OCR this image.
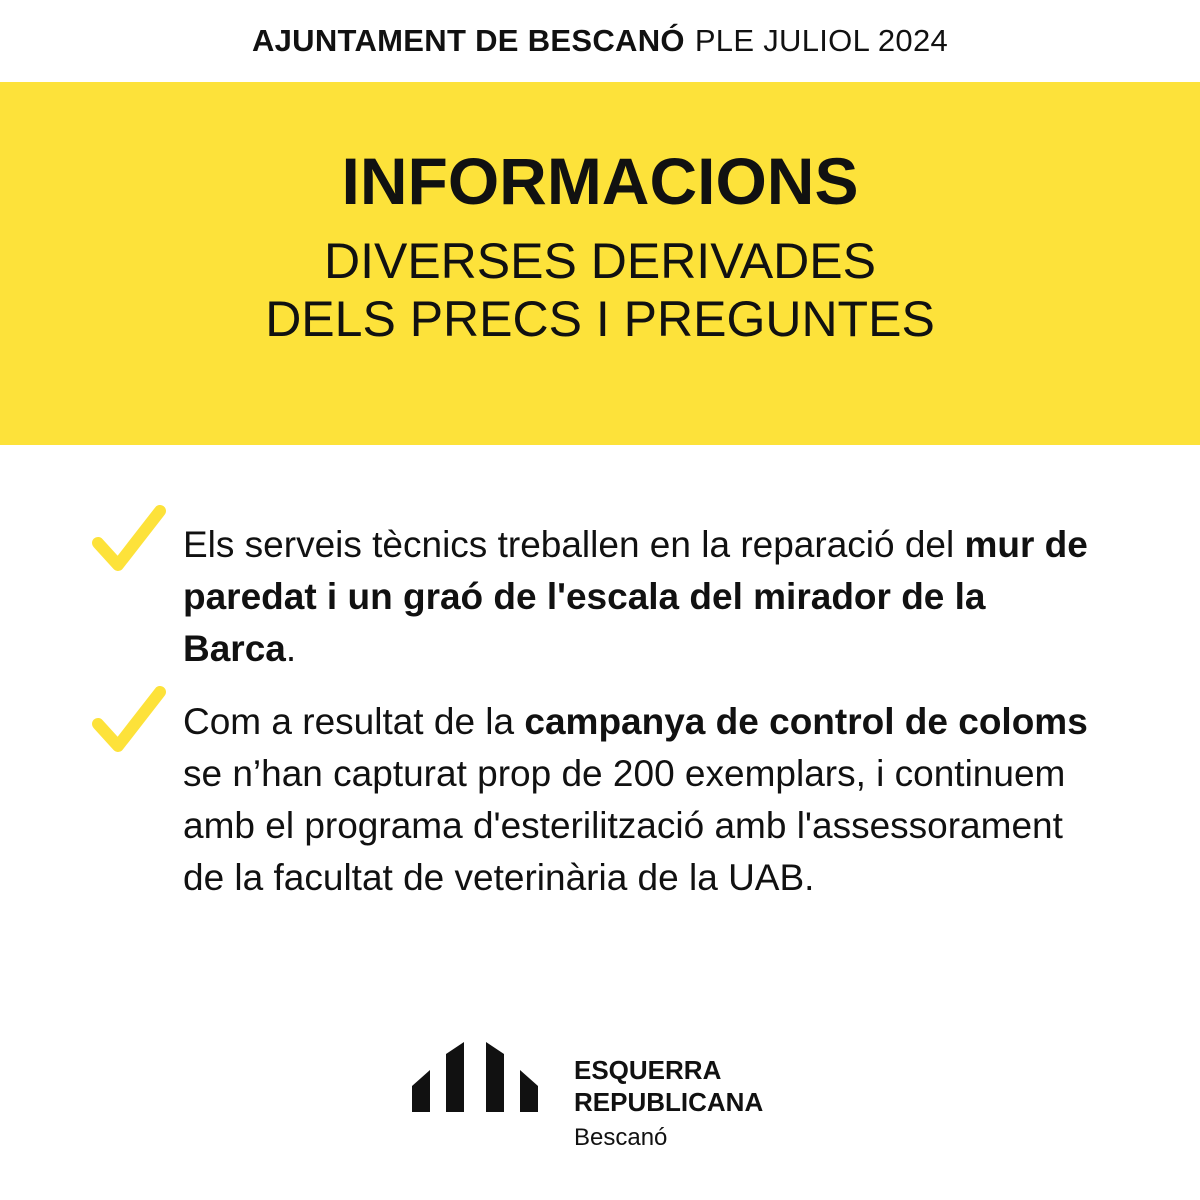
AJUNTAMENT DE BESCANÓ PLE JULIOL 2024
INFORMACIONS
DIVERSES DERIVADES
DELS PRECS I PREGUNTES
Els serveis tècnics treballen en la reparació del mur de paredat i un graó de l'escala del mirador de la Barca.
Com a resultat de la campanya de control de coloms se n’han capturat prop de 200 exemplars, i continuem amb el programa d'esterilització amb l'assessorament de la facultat de veterinària de la UAB.
ESQUERRA
REPUBLICANA
Bescanó
